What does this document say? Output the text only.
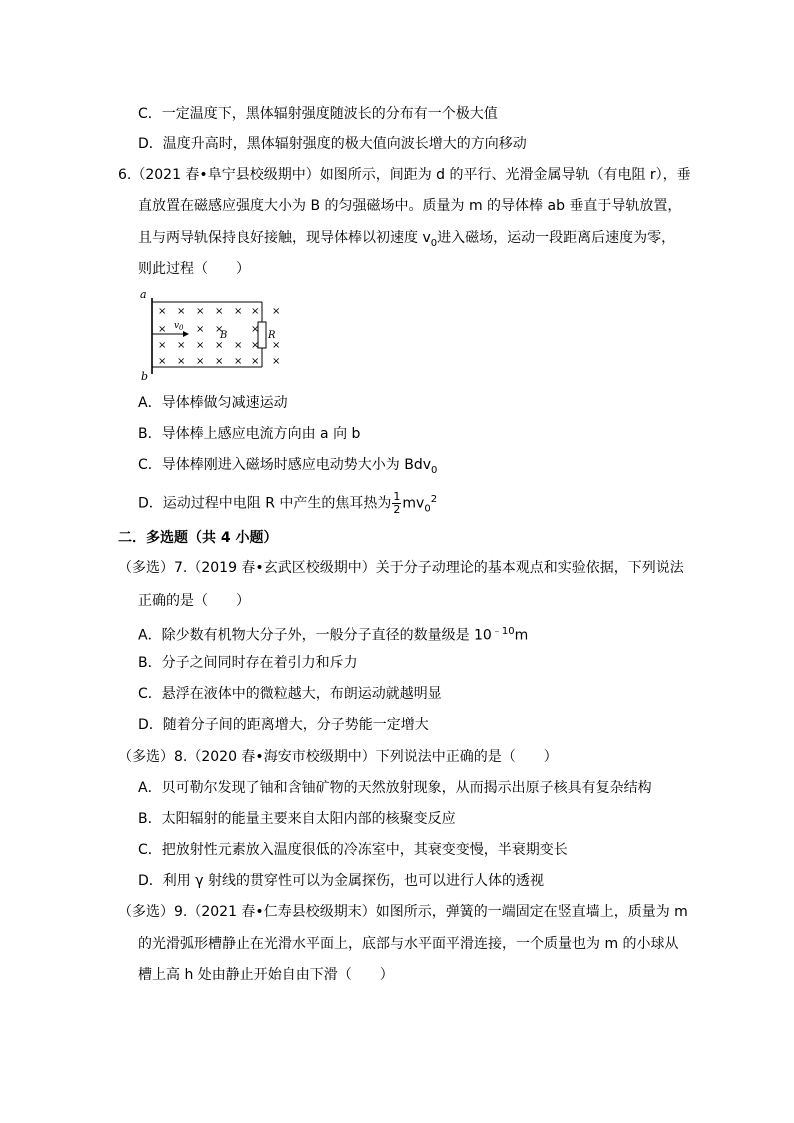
C．一定温度下，黑体辐射强度随波长的分布有一个极大值
D．温度升高时，黑体辐射强度的极大值向波长增大的方向移动
6.（2021 春•阜宁县校级期中）如图所示，间距为 d 的平行、光滑金属导轨（有电阻 r），垂
直放置在磁感应强度大小为 B 的匀强磁场中。质量为 m 的导体棒 ab 垂直于导轨放置，
且与两导轨保持良好接触，现导体棒以初速度 $v_0$进入磁场，运动一段距离后速度为零，
则此过程（　　）
a
b
v 0
B	R
× × × × × × ×
×	× ×	×
× × × × × × ×
× × × × × × ×
A．导体棒做匀减速运动
B．导体棒上感应电流方向由 a 向 b
C．导体棒刚进入磁场时感应电动势大小为 Bdv$_0$
D．运动过程中电阻 R 中产生的焦耳热为 $\frac{1}{2} mv_0^2$
二．多选题（共 4 小题）
（多选）7.（2019 春•玄武区校级期中）关于分子动理论的基本观点和实验依据，下列说法
正确的是（　　）
A．除少数有机物大分子外，一般分子直径的数量级是 $10^{﹣10}m$
B．分子之间同时存在着引力和斥力
C．悬浮在液体中的微粒越大，布朗运动就越明显
D．随着分子间的距离增大，分子势能一定增大
（多选）8.（2020 春•海安市校级期中）下列说法中正确的是（　　）
A．贝可勒尔发现了铀和含铀矿物的天然放射现象，从而揭示出原子核具有复杂结构
B．太阳辐射的能量主要来自太阳内部的核聚变反应
C．把放射性元素放入温度很低的冷冻室中，其衰变变慢，半衰期变长
D．利用 γ 射线的贯穿性可以为金属探伤，也可以进行人体的透视
（多选）9.（2021 春•仁寿县校级期末）如图所示，弹簧的一端固定在竖直墙上，质量为 m
的光滑弧形槽静止在光滑水平面上，底部与水平面平滑连接，一个质量也为 m 的小球从
槽上高 h 处由静止开始自由下滑（　　）
